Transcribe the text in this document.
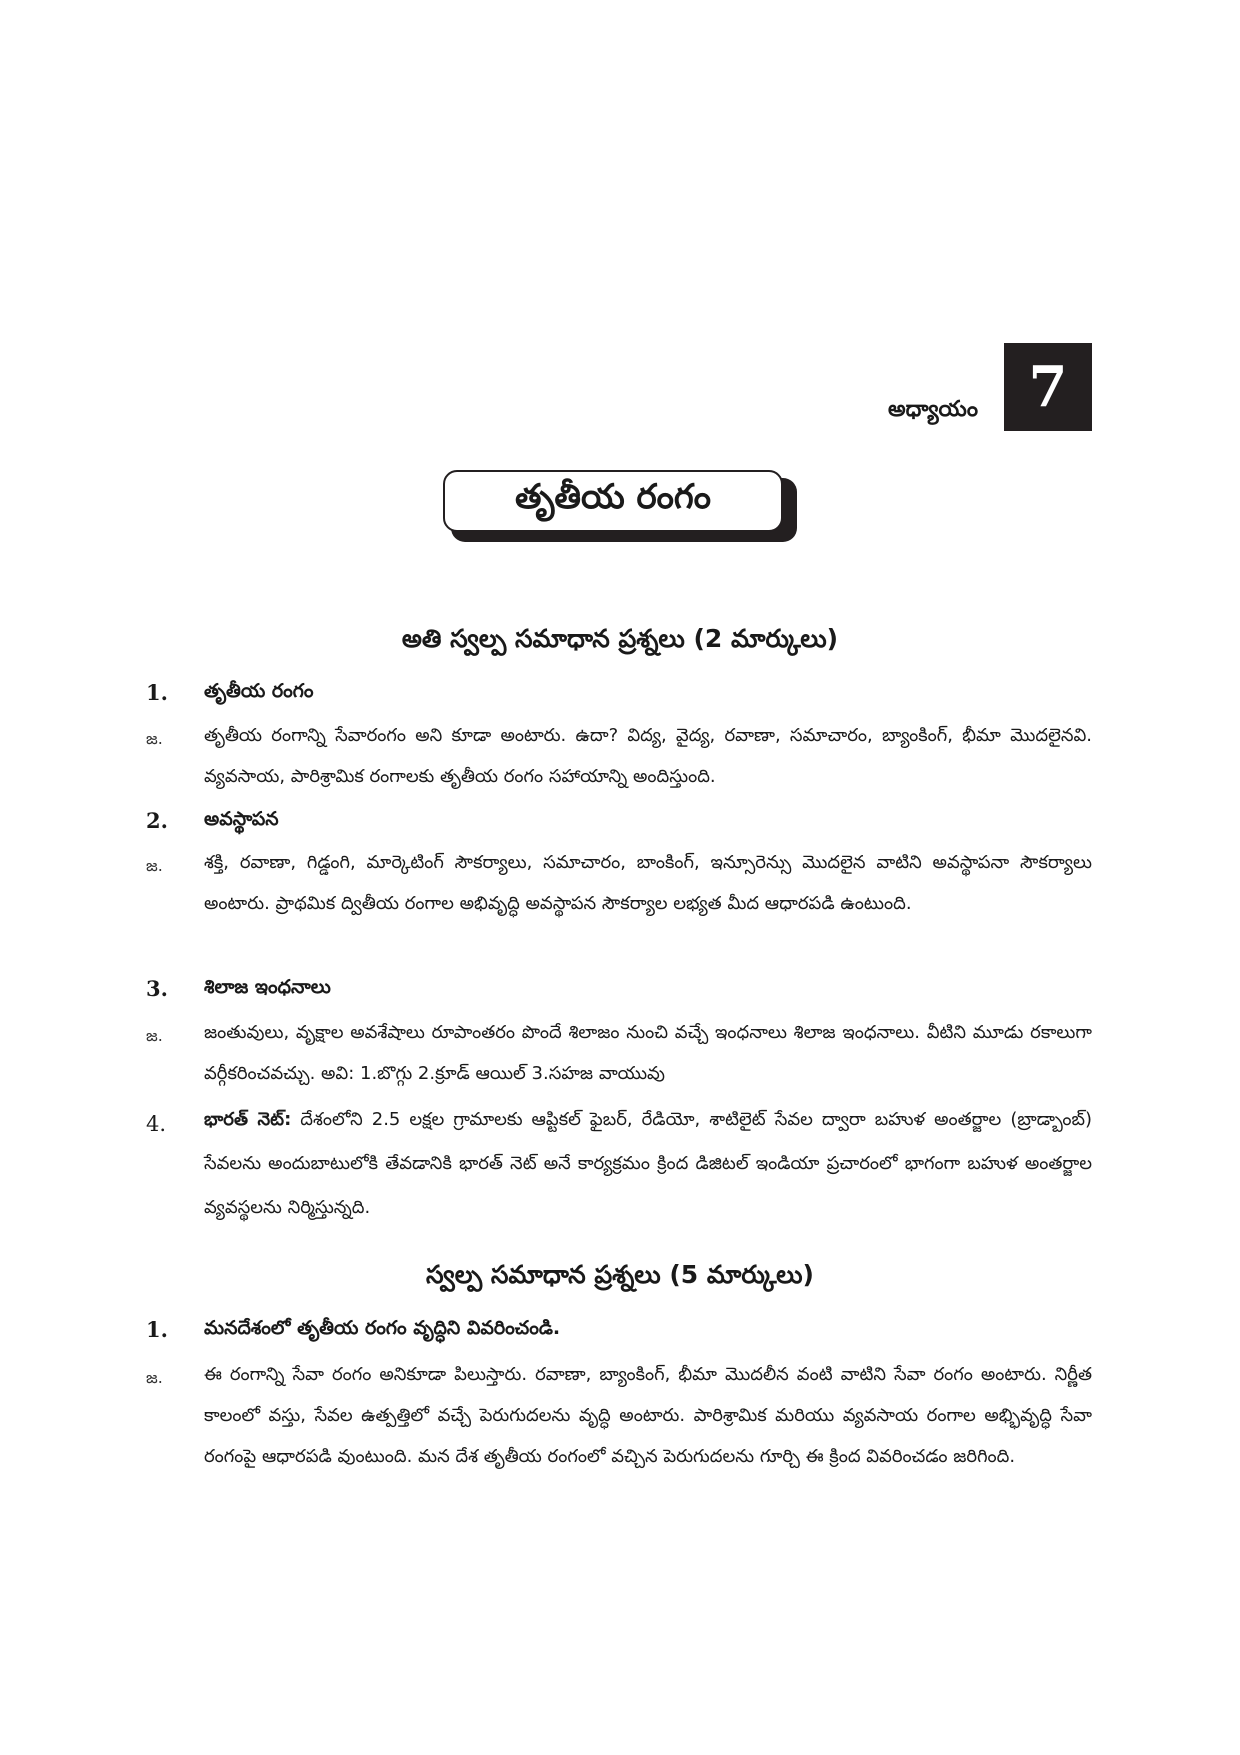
అధ్యాయం 7
తృతీయ రంగం
అతి స్వల్ప సమాధాన ప్రశ్నలు (2 మార్కులు)
1. తృతీయ రంగం
జ. తృతీయ రంగాన్ని సేవారంగం అని కూడా అంటారు. ఉదా? విద్య, వైద్య, రవాణా, సమాచారం, బ్యాంకింగ్, భీమా మొదలైనవి. వ్యవసాయ, పారిశ్రామిక రంగాలకు తృతీయ రంగం సహాయాన్ని అందిస్తుంది.
2. అవస్థాపన
జ. శక్తి, రవాణా, గిడ్డంగి, మార్కెటింగ్ సౌకర్యాలు, సమాచారం, బాంకింగ్, ఇన్సూరెన్సు మొదలైన వాటిని అవస్థాపనా సౌకర్యాలు అంటారు. ప్రాథమిక ద్వితీయ రంగాల అభివృద్ధి అవస్థాపన సౌకర్యాల లభ్యత మీద ఆధారపడి ఉంటుంది.
3. శిలాజ ఇంధనాలు
జ. జంతువులు, వృక్షాల అవశేషాలు రూపాంతరం పొందే శిలాజం నుంచి వచ్చే ఇంధనాలు శిలాజ ఇంధనాలు. వీటిని మూడు రకాలుగా వర్గీకరించవచ్చు. అవి: 1.బొగ్గు 2.క్రూడ్ ఆయిల్ 3.సహజ వాయువు
4. భారత్ నెట్: దేశంలోని 2.5 లక్షల గ్రామాలకు ఆప్టికల్ ఫైబర్, రేడియో, శాటిలైట్ సేవల ద్వారా బహుళ అంతర్జాల (బ్రాడ్బాంబ్) సేవలను అందుబాటులోకి తేవడానికి భారత్ నెట్ అనే కార్యక్రమం క్రింద డిజిటల్ ఇండియా ప్రచారంలో భాగంగా బహుళ అంతర్జాల వ్యవస్థలను నిర్మిస్తున్నది.
స్వల్ప సమాధాన ప్రశ్నలు (5 మార్కులు)
1. మనదేశంలో తృతీయ రంగం వృద్ధిని వివరించండి.
జ. ఈ రంగాన్ని సేవా రంగం అనికూడా పిలుస్తారు. రవాణా, బ్యాంకింగ్, భీమా మొదలీన వంటి వాటిని సేవా రంగం అంటారు. నిర్ణీత కాలంలో వస్తు, సేవల ఉత్పత్తిలో వచ్చే పెరుగుదలను వృద్ధి అంటారు. పారిశ్రామిక మరియు వ్యవసాయ రంగాల అభ్భివృద్ధి సేవా రంగంపై ఆధారపడి వుంటుంది. మన దేశ తృతీయ రంగంలో వచ్చిన పెరుగుదలను గూర్చి ఈ క్రింద వివరించడం జరిగింది.
